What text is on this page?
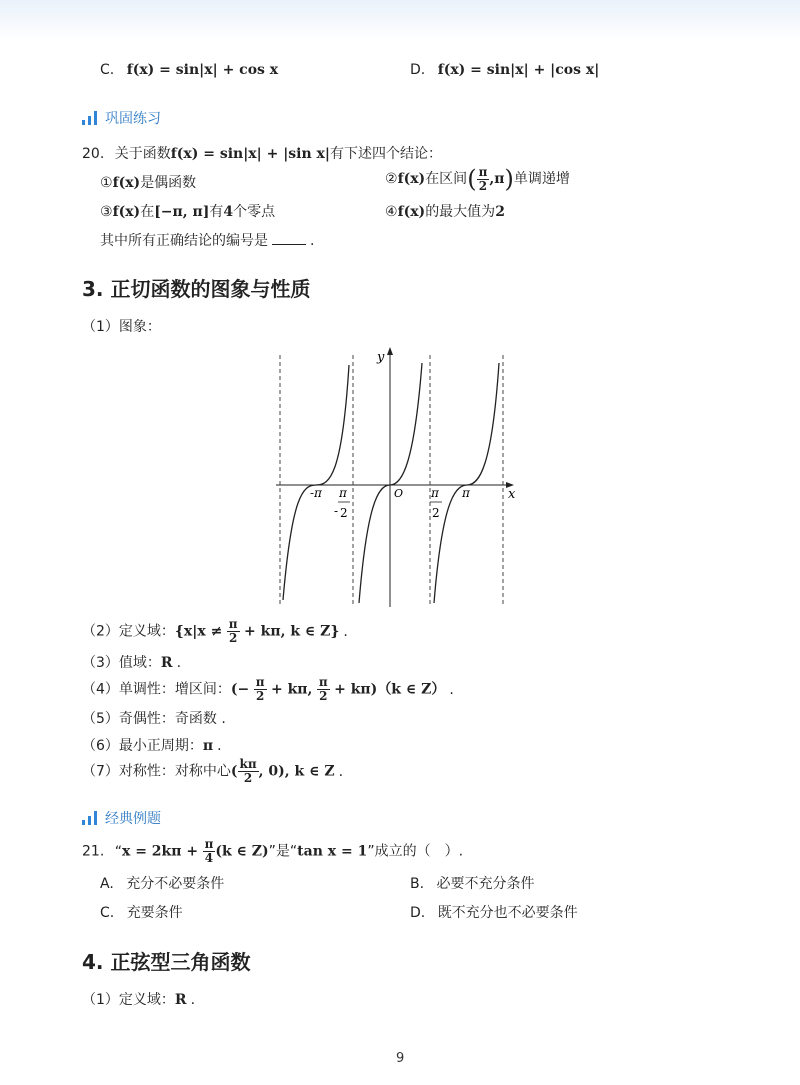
C. f(x) = sin|x| + cos x	D. f(x) = sin|x| + |cos x|
巩固练习
20. 关于函数f(x) = sin|x| + |sin x|有下述四个结论：
①f(x)是偶函数	②f(x)在区间( $\frac{\pi}{2} ,\pi$)单调递增
③f(x)在[−π, π]有4个零点	④f(x)的最大值为2
其中所有正确结论的编号是	.
3. 正切函数的图象与性质
（1）图象：
y
x
O
-π
-
π
2
π
2
π
（2）定义域：{$x|x \ne \frac{\pi}{2} + k\pi$, k ∈ Z} .
（3）值域：R .
（4）单调性：增区间：(− $\frac{\pi}{2} + k\pi$, $\frac{\pi}{2} + k\pi)(k$ ∈ Z） .
（5）奇偶性：奇函数 .
（6）最小正周期：π .
（7）对称性：对称中心( $\frac{k\pi}{2}$ , 0), k ∈ Z .
经典例题
21. “$x = 2k\pi + \frac{\pi}{4} (k$ ∈ Z)”是“tan x = 1”成立的（　）.
A. 充分不必要条件	B. 必要不充分条件
C. 充要条件	D. 既不充分也不必要条件
4. 正弦型三角函数
（1）定义域：R .
9
